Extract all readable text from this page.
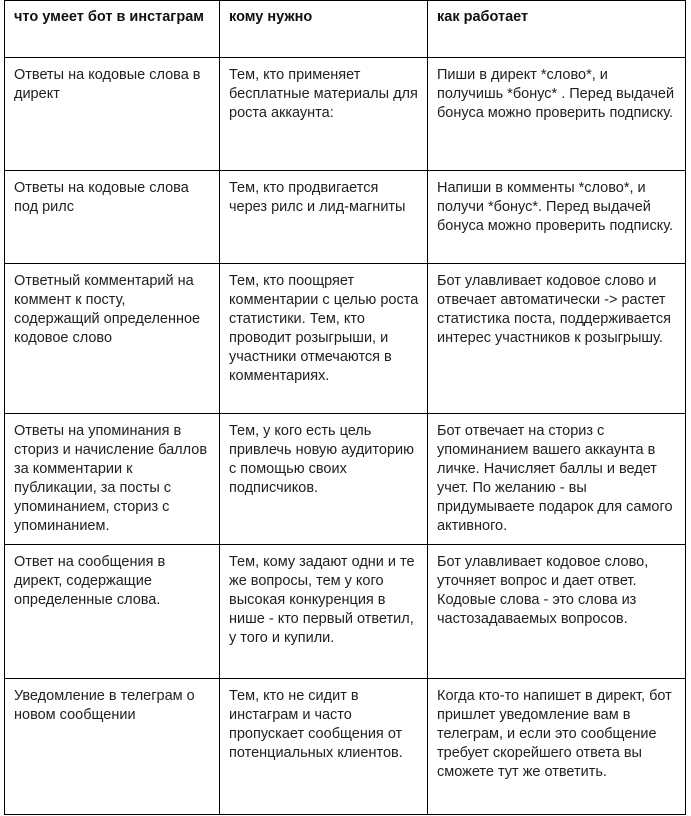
что умеет бот в инстаграм	кому нужно	как работает

Ответы на кодовые слова в директ	Тем, кто применяет бесплатные материалы для роста аккаунта:	Пиши в директ *слово*, и получишь *бонус* . Перед выдачей бонуса можно проверить подписку.

Ответы на кодовые слова под рилс	Тем, кто продвигается через рилс и лид-магниты	Напиши в комменты *слово*, и получи *бонус*. Перед выдачей бонуса можно проверить подписку.

Ответный комментарий на коммент к посту, содержащий определенное кодовое слово	Тем, кто поощряет комментарии с целью роста статистики. Тем, кто проводит розыгрыши, и участники отмечаются в комментариях.	Бот улавливает кодовое слово и отвечает автоматически -> растет статистика поста, поддерживается интерес участников к розыгрышу.

Ответы на упоминания в сториз и начисление баллов за комментарии к публикации, за посты с упоминанием, сториз с упоминанием.	Тем, у кого есть цель привлечь новую аудиторию с помощью своих подписчиков.	Бот отвечает на сториз с упоминанием вашего аккаунта в личке. Начисляет баллы и ведет учет. По желанию - вы придумываете подарок для самого активного.

Ответ на сообщения в директ, содержащие определенные слова.	Тем, кому задают одни и те же вопросы, тем у кого высокая конкуренция в нише - кто первый ответил, у того и купили.	Бот улавливает кодовое слово, уточняет вопрос и дает ответ. Кодовые слова - это слова из частозадаваемых вопросов.

Уведомление в телеграм о новом сообщении	Тем, кто не сидит в инстаграм и часто пропускает сообщения от потенциальных клиентов.	Когда кто-то напишет в директ, бот пришлет уведомление вам в телеграм, и если это сообщение требует скорейшего ответа вы сможете тут же ответить.
